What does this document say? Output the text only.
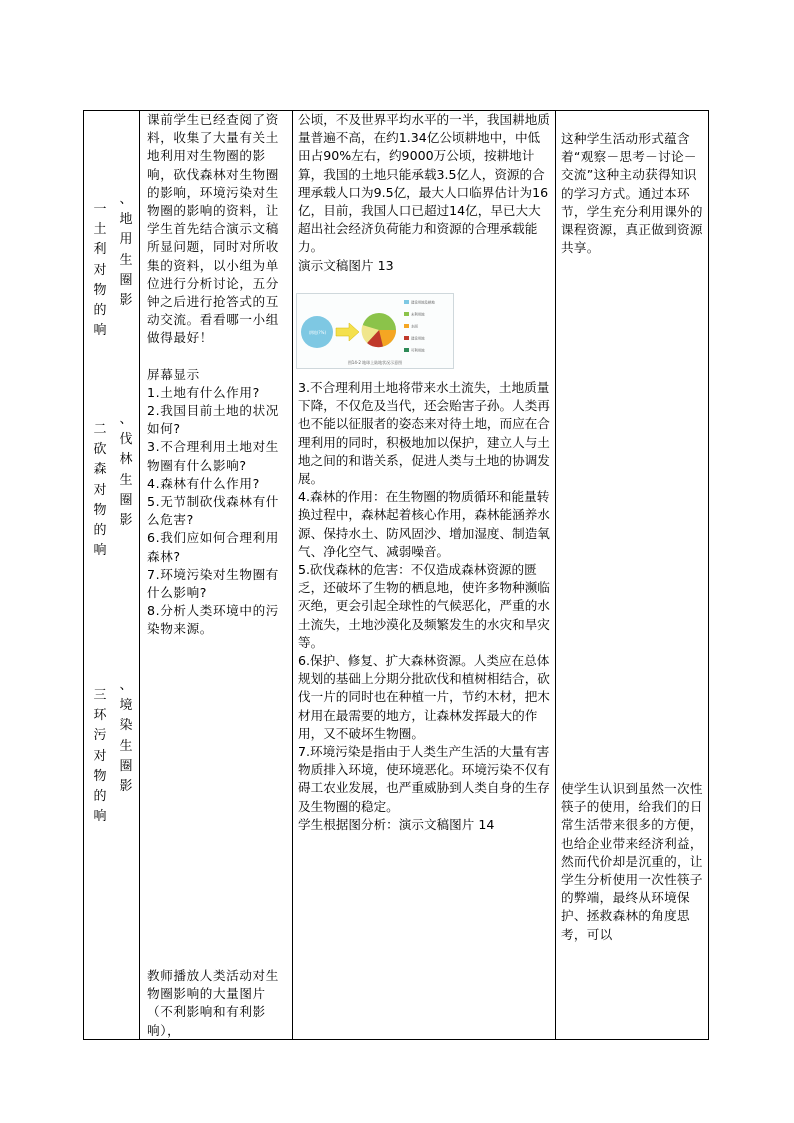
一
土
利
对
物
的
响
、
地
用
生
圈
影
二
砍
森
对
物
的
响
、
伐
林
生
圈
影
三
环
污
对
物
的
响
、
境
染
生
圈
影

课前学生已经查阅了资料，收集了大量有关土地利用对生物圈的影响，砍伐森林对生物圈的影响，环境污染对生物圈的影响的资料，让学生首先结合演示文稿所显问题，同时对所收集的资料，以小组为单位进行分析讨论，五分钟之后进行抢答式的互动交流。看看哪一小组做得最好！

屏幕显示

1.土地有什么作用?

2.我国目前土地的状况如何?

3.不合理利用土地对生物圈有什么影响?

4.森林有什么作用?

5.无节制砍伐森林有什么危害?

6.我们应如何合理利用森林?

7.环境污染对生物圈有什么影响?

8.分析人类环境中的污染物来源。

教师播放人类活动对生物圈影响的大量图片（不利影响和有利影响），

公顷，不及世界平均水平的一半，我国耕地质量普遍不高，在约1.34亿公顷耕地中，中低田占90%左右，约9000万公顷，按耕地计算，我国的土地只能承载3.5亿人，资源的合理承载人口为9.5亿，最大人口临界估计为16亿，目前，我国人口已超过14亿，早已大大超出社会经济负荷能力和资源的合理承载能力。

演示文稿图片 13

耕地(?%)
建设用地及耕地
未利用地
水面
建设用地
可利用地
图14-2 地球上陆地状况示意图

3.不合理利用土地将带来水土流失，土地质量下降，不仅危及当代，还会贻害子孙。人类再也不能以征服者的姿态来对待土地，而应在合理利用的同时，积极地加以保护，建立人与土地之间的和谐关系，促进人类与土地的协调发展。

4.森林的作用：在生物圈的物质循环和能量转换过程中，森林起着核心作用，森林能涵养水源、保持水土、防风固沙、增加湿度、制造氧气、净化空气、减弱噪音。

5.砍伐森林的危害：不仅造成森林资源的匮乏，还破坏了生物的栖息地，使许多物种濒临灭绝，更会引起全球性的气候恶化，严重的水土流失，土地沙漠化及频繁发生的水灾和旱灾等。

6.保护、修复、扩大森林资源。人类应在总体规划的基础上分期分批砍伐和植树相结合，砍伐一片的同时也在种植一片，节约木材，把木材用在最需要的地方，让森林发挥最大的作用，又不破坏生物圈。

7.环境污染是指由于人类生产生活的大量有害物质排入环境，使环境恶化。环境污染不仅有碍工农业发展，也严重威胁到人类自身的生存及生物圈的稳定。

学生根据图分析：演示文稿图片 14

这种学生活动形式蕴含着“观察－思考－讨论－交流”这种主动获得知识的学习方式。通过本环节，学生充分利用课外的课程资源，真正做到资源共享。

使学生认识到虽然一次性筷子的使用，给我们的日常生活带来很多的方便，也给企业带来经济利益，然而代价却是沉重的，让学生分析使用一次性筷子的弊端，最终从环境保护、拯救森林的角度思考，可以
